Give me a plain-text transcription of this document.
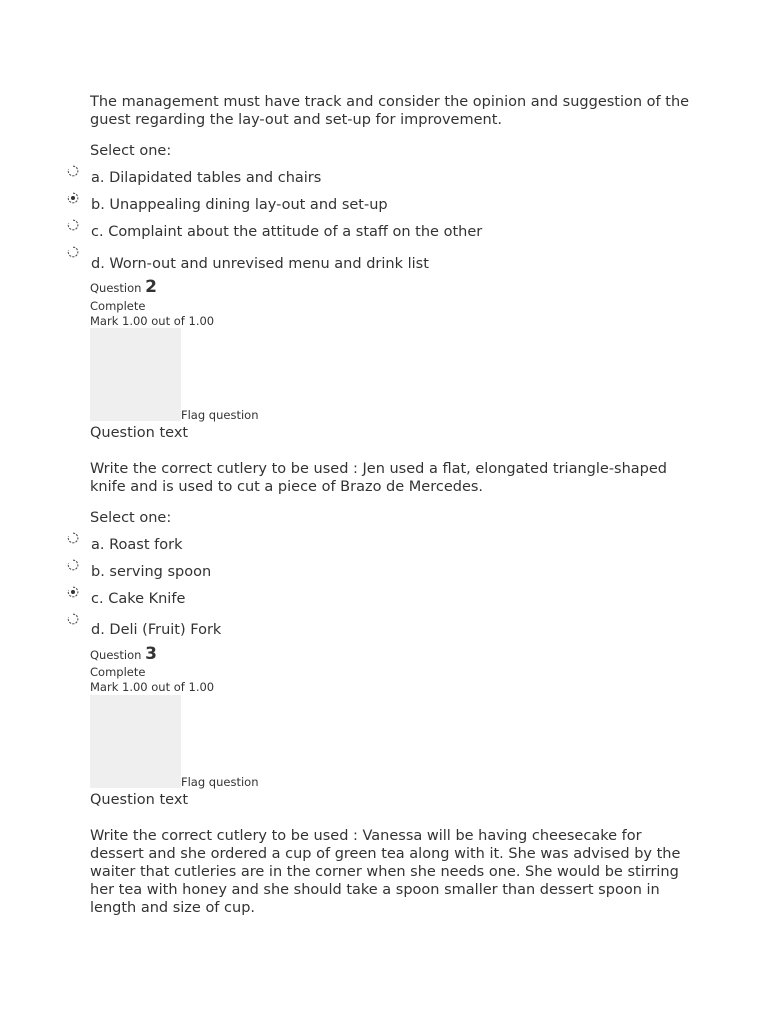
The management must have track and consider the opinion and suggestion of the guest regarding the lay-out and set-up for improvement.
Select one:
a. Dilapidated tables and chairs
b. Unappealing dining lay-out and set-up
c. Complaint about the attitude of a staff on the other
d. Worn-out and unrevised menu and drink list
Question 2
Complete
Mark 1.00 out of 1.00
Flag question
Question text
Write the correct cutlery to be used : Jen used a flat, elongated triangle-shaped knife and is used to cut a piece of Brazo de Mercedes.
Select one:
a. Roast fork
b. serving spoon
c. Cake Knife
d. Deli (Fruit) Fork
Question 3
Complete
Mark 1.00 out of 1.00
Flag question
Question text
Write the correct cutlery to be used : Vanessa will be having cheesecake for dessert and she ordered a cup of green tea along with it. She was advised by the waiter that cutleries are in the corner when she needs one. She would be stirring her tea with honey and she should take a spoon smaller than dessert spoon in length and size of cup.
